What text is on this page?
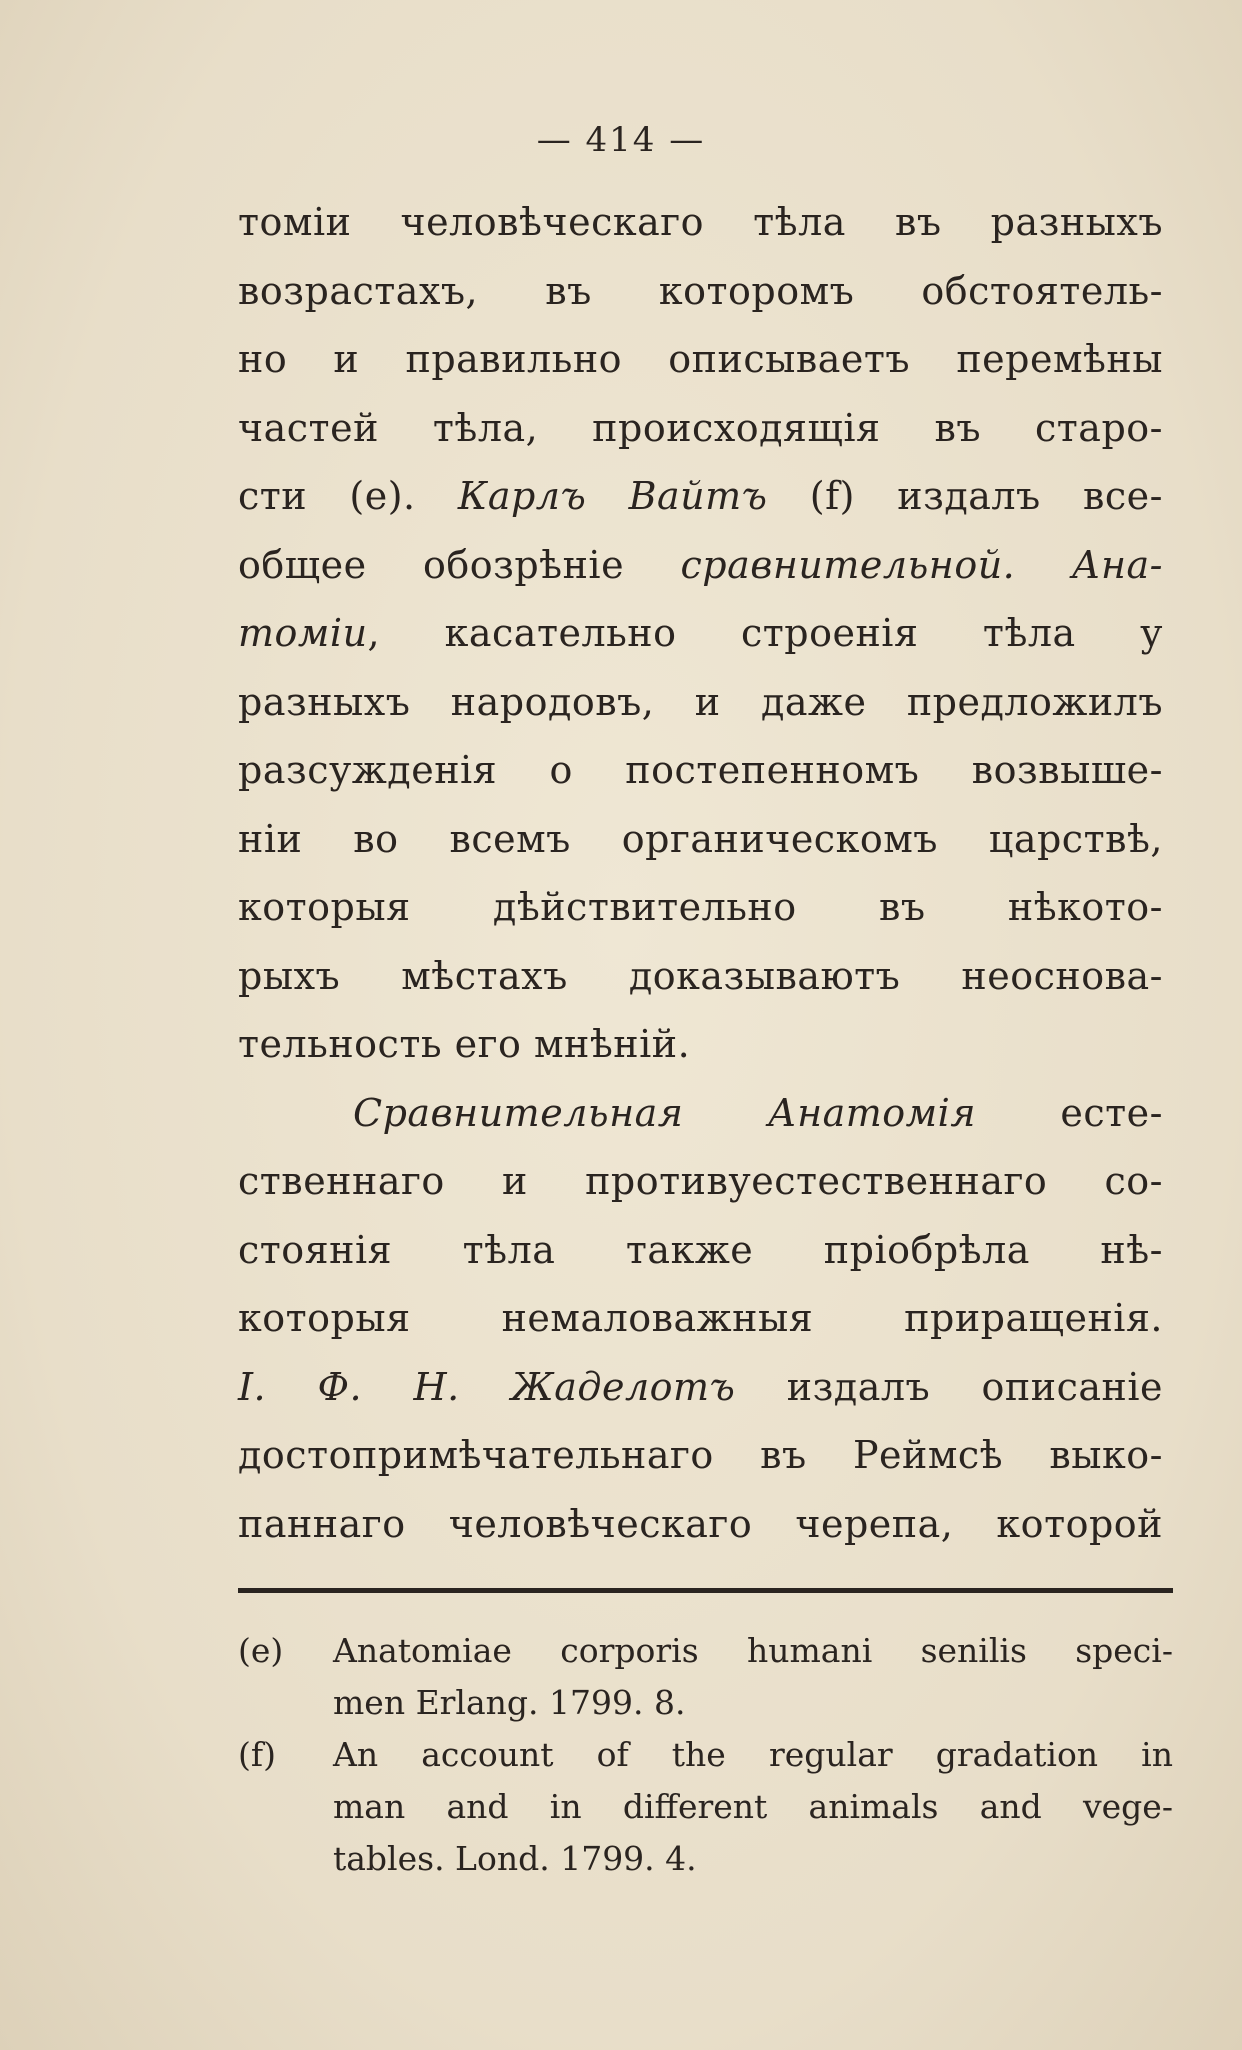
— 414 —
томіи человѣческаго тѣла въ разныхъ
возрастахъ, въ которомъ обстоятель-
но и правильно описываетъ перемѣны
частей тѣла, происходящія въ старо-
сти (е). Карлъ Вайтъ (f) издалъ все-
общее обозрѣніе сравнительной. Ана-
томіи, касательно строенія тѣла у
разныхъ народовъ, и даже предложилъ
разсужденія о постепенномъ возвыше-
ніи во всемъ органическомъ царствѣ,
которыя дѣйствительно въ нѣкото-
рыхъ мѣстахъ доказываютъ неоснова-
тельность его мнѣній.
Сравнительная Анатомія есте-
ственнаго и противуестественнаго со-
стоянія тѣла также пріобрѣла нѣ-
которыя немаловажныя приращенія.
I. Ф. Н. Жаделотъ издалъ описаніе
достопримѣчательнаго въ Реймсѣ выко-
паннаго человѣческаго черепа, которой
(e)	Anatomiae corporis humani senilis speci-
men Erlang. 1799. 8.
(f)	An account of the regular gradation in
man and in different animals and vege-
tables. Lond. 1799. 4.
